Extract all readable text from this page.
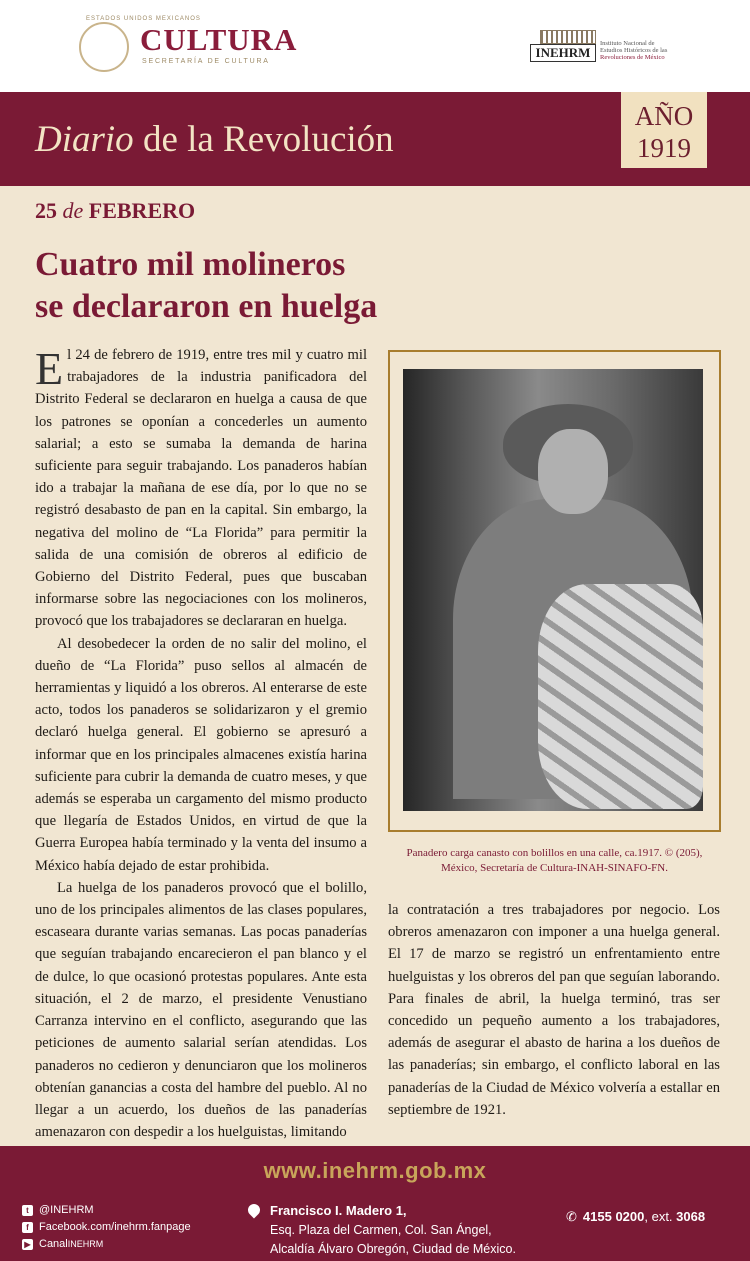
ESTADOS UNIDOS MEXICANOS
CULTURA
SECRETARÍA DE CULTURA
INEHRM
Instituto Nacional de
Estudios Históricos de las
Revoluciones de México
Diario de la Revolución
AÑO
1919
25 de FEBRERO
Cuatro mil molineros
se declararon en huelga

El 24 de febrero de 1919, entre tres mil y cuatro mil trabajadores de la industria panificadora del Distrito Federal se declararon en huelga a causa de que los patrones se oponían a concederles un aumento salarial; a esto se sumaba la demanda de harina suficiente para seguir trabajando. Los panaderos habían ido a trabajar la mañana de ese día, por lo que no se registró desabasto de pan en la capital. Sin embargo, la negativa del molino de “La Florida” para permitir la salida de una comisión de obreros al edificio de Gobierno del Distrito Federal, pues que buscaban informarse sobre las negociaciones con los molineros, provocó que los trabajadores se declararan en huelga.

Al desobedecer la orden de no salir del molino, el dueño de “La Florida” puso sellos al almacén de herramientas y liquidó a los obreros. Al enterarse de este acto, todos los panaderos se solidarizaron y el gremio declaró huelga general. El gobierno se apresuró a informar que en los principales almacenes existía harina suficiente para cubrir la demanda de cuatro meses, y que además se esperaba un cargamento del mismo producto que llegaría de Estados Unidos, en virtud de que la Guerra Europea había terminado y la venta del insumo a México había dejado de estar prohibida.

La huelga de los panaderos provocó que el bolillo, uno de los principales alimentos de las clases populares, escaseara durante varias semanas. Las pocas panaderías que seguían trabajando encarecieron el pan blanco y el de dulce, lo que ocasionó protestas populares. Ante esta situación, el 2 de marzo, el presidente Venustiano Carranza intervino en el conflicto, asegurando que las peticiones de aumento salarial serían atendidas. Los panaderos no cedieron y denunciaron que los molineros obtenían ganancias a costa del hambre del pueblo. Al no llegar a un acuerdo, los dueños de las panaderías amenazaron con despedir a los huelguistas, limitando

Panadero carga canasto con bolillos en una calle, ca.1917. © (205),
México, Secretaría de Cultura-INAH-SINAFO-FN.

la contratación a tres trabajadores por negocio. Los obreros amenazaron con imponer a una huelga general. El 17 de marzo se registró un enfrentamiento entre huelguistas y los obreros del pan que seguían laborando. Para finales de abril, la huelga terminó, tras ser concedido un pequeño aumento a los trabajadores, además de asegurar el abasto de harina a los dueños de las panaderías; sin embargo, el conflicto laboral en las panaderías de la Ciudad de México volvería a estallar en septiembre de 1921.

www.inehrm.gob.mx
t @INEHRM
f Facebook.com/inehrm.fanpage
▶ Canal INEHRM
Francisco I. Madero 1,
Esq. Plaza del Carmen, Col. San Ángel,
Alcaldía Álvaro Obregón, Ciudad de México.
✆ 4155 0200, ext. 3068
